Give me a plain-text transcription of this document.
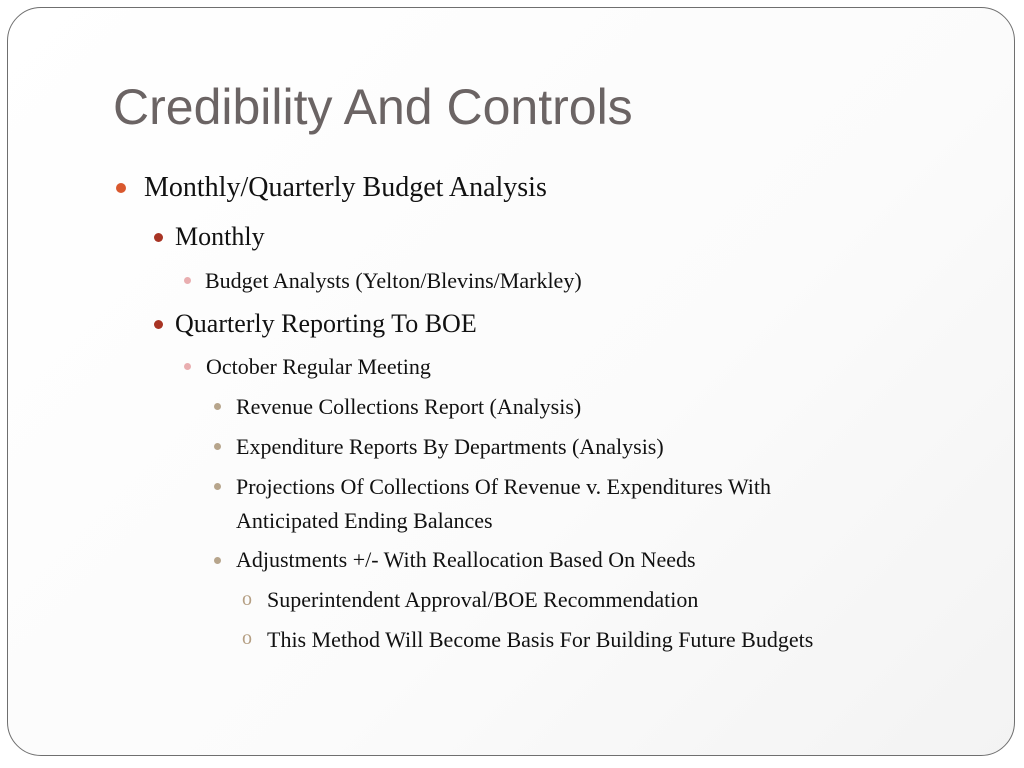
Credibility And Controls
Monthly/Quarterly Budget Analysis
Monthly
Budget Analysts (Yelton/Blevins/Markley)
Quarterly Reporting To BOE
October Regular Meeting
Revenue Collections Report (Analysis)
Expenditure Reports By Departments (Analysis)
Projections Of Collections Of Revenue v. Expenditures With
Anticipated Ending Balances
Adjustments +/- With Reallocation Based On Needs
o Superintendent Approval/BOE Recommendation
o This Method Will Become Basis For Building Future Budgets
